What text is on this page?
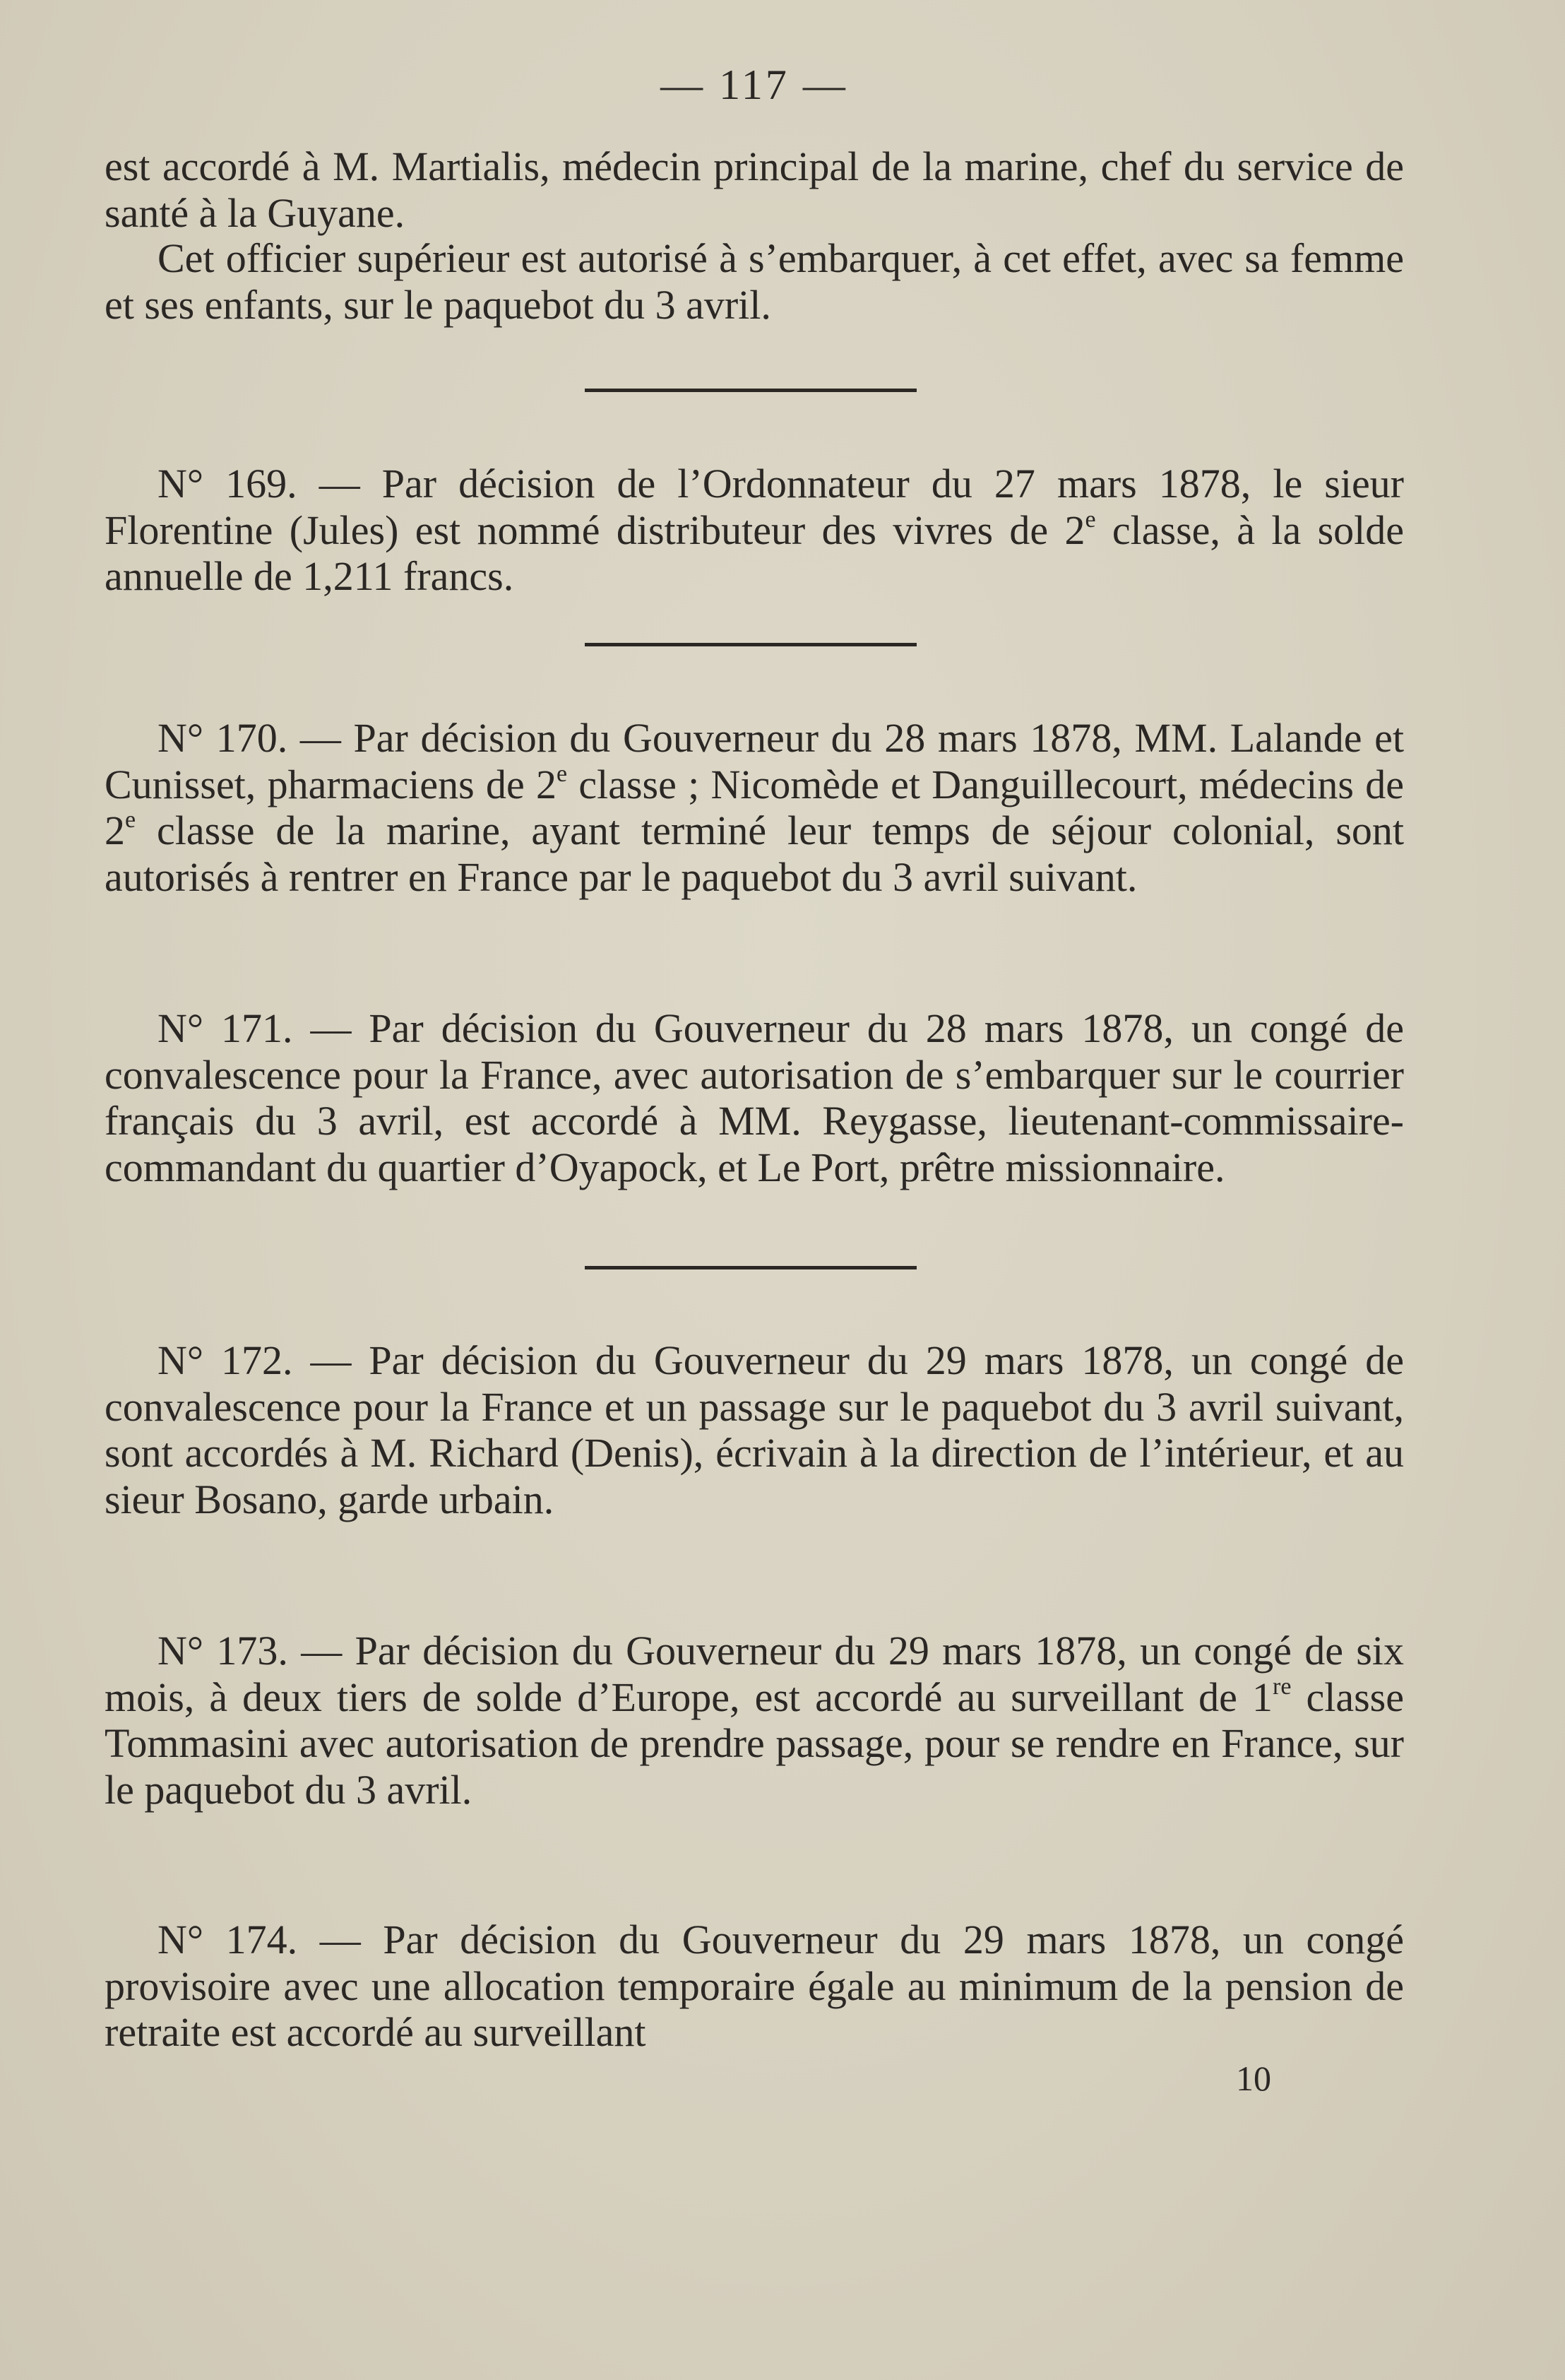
— 117 —

est accordé à M. Martialis, médecin principal de la marine, chef du service de santé à la Guyane.

Cet officier supérieur est autorisé à s’embarquer, à cet effet, avec sa femme et ses enfants, sur le paquebot du 3 avril.

N° 169. — Par décision de l’Ordonnateur du 27 mars 1878, le sieur Florentine (Jules) est nommé distributeur des vivres de 2e classe, à la solde annuelle de 1,211 francs.

N° 170. — Par décision du Gouverneur du 28 mars 1878, MM. Lalande et Cunisset, pharmaciens de 2e classe ; Nicomède et Danguillecourt, médecins de 2e classe de la marine, ayant terminé leur temps de séjour colonial, sont autorisés à rentrer en France par le paquebot du 3 avril suivant.

N° 171. — Par décision du Gouverneur du 28 mars 1878, un congé de convalescence pour la France, avec autorisation de s’embarquer sur le courrier français du 3 avril, est accordé à MM. Reygasse, lieutenant-commissaire-commandant du quartier d’Oyapock, et Le Port, prêtre missionnaire.

N° 172. — Par décision du Gouverneur du 29 mars 1878, un congé de convalescence pour la France et un passage sur le paquebot du 3 avril suivant, sont accordés à M. Richard (Denis), écrivain à la direction de l’intérieur, et au sieur Bosano, garde urbain.

N° 173. — Par décision du Gouverneur du 29 mars 1878, un congé de six mois, à deux tiers de solde d’Europe, est accordé au surveillant de 1re classe Tommasini avec autorisation de prendre passage, pour se rendre en France, sur le paquebot du 3 avril.

N° 174. — Par décision du Gouverneur du 29 mars 1878, un congé provisoire avec une allocation temporaire égale au minimum de la pension de retraite est accordé au surveillant

10
